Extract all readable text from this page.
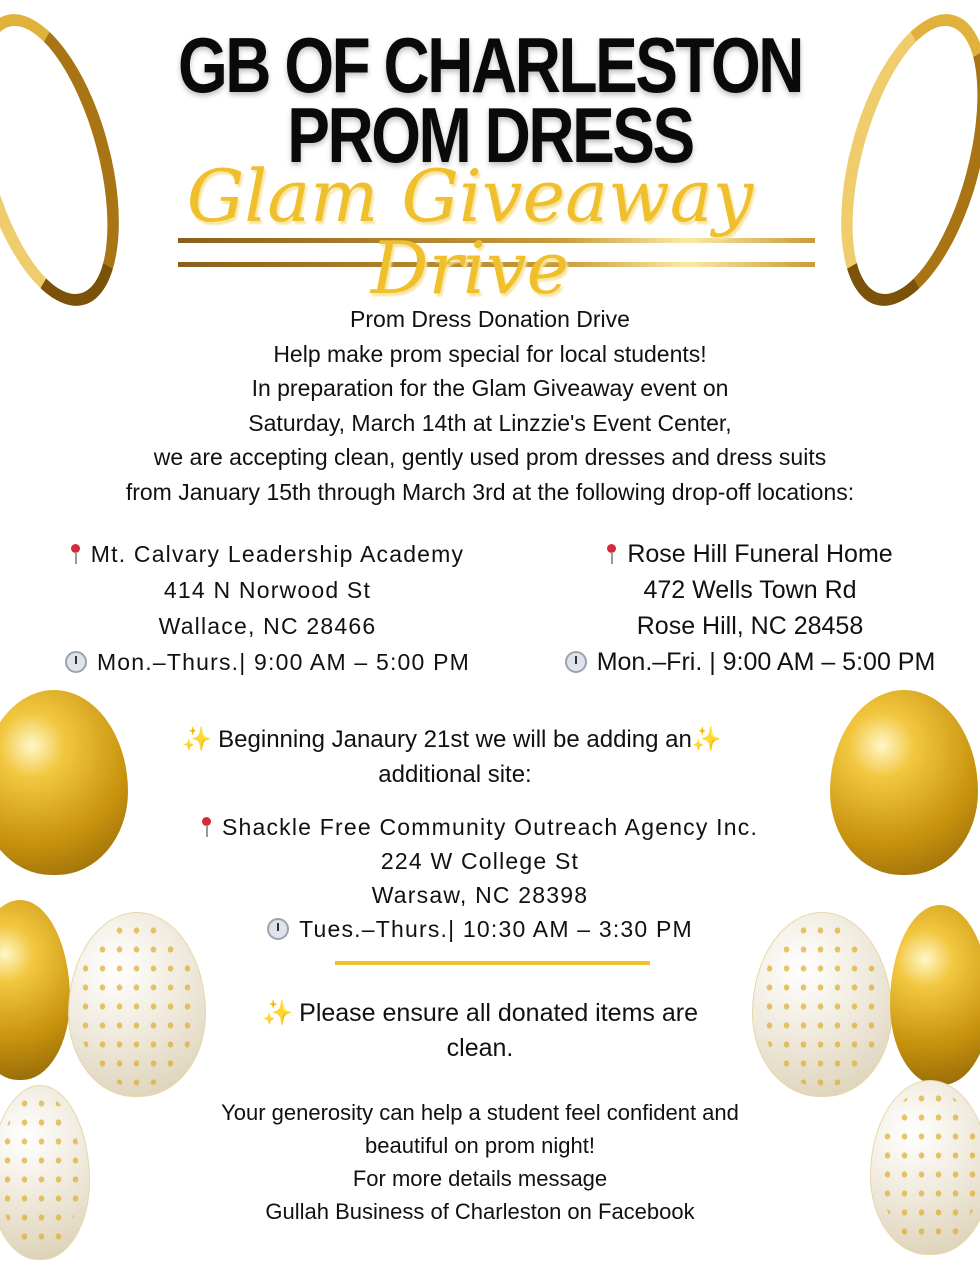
GB OF CHARLESTON
PROM DRESS
Glam Giveaway Drive
Prom Dress Donation Drive
Help make prom special for local students!
In preparation for the Glam Giveaway event on
Saturday, March 14th at Linzzie's Event Center,
we are accepting clean, gently used prom dresses and dress suits
from January 15th through March 3rd at the following drop-off locations:
Mt. Calvary Leadership Academy
414 N Norwood St
Wallace, NC 28466
Mon.–Thurs.| 9:00 AM – 5:00 PM
Rose Hill Funeral Home
472 Wells Town Rd
Rose Hill, NC 28458
Mon.–Fri. | 9:00 AM – 5:00 PM
✨ Beginning Janaury 21st we will be adding an✨
additional site:
Shackle Free Community Outreach Agency Inc.
224 W College St
Warsaw, NC 28398
Tues.–Thurs.| 10:30 AM – 3:30 PM
✨ Please ensure all donated items are
clean.
Your generosity can help a student feel confident and
beautiful on prom night!
For more details message
Gullah Business of Charleston on Facebook
